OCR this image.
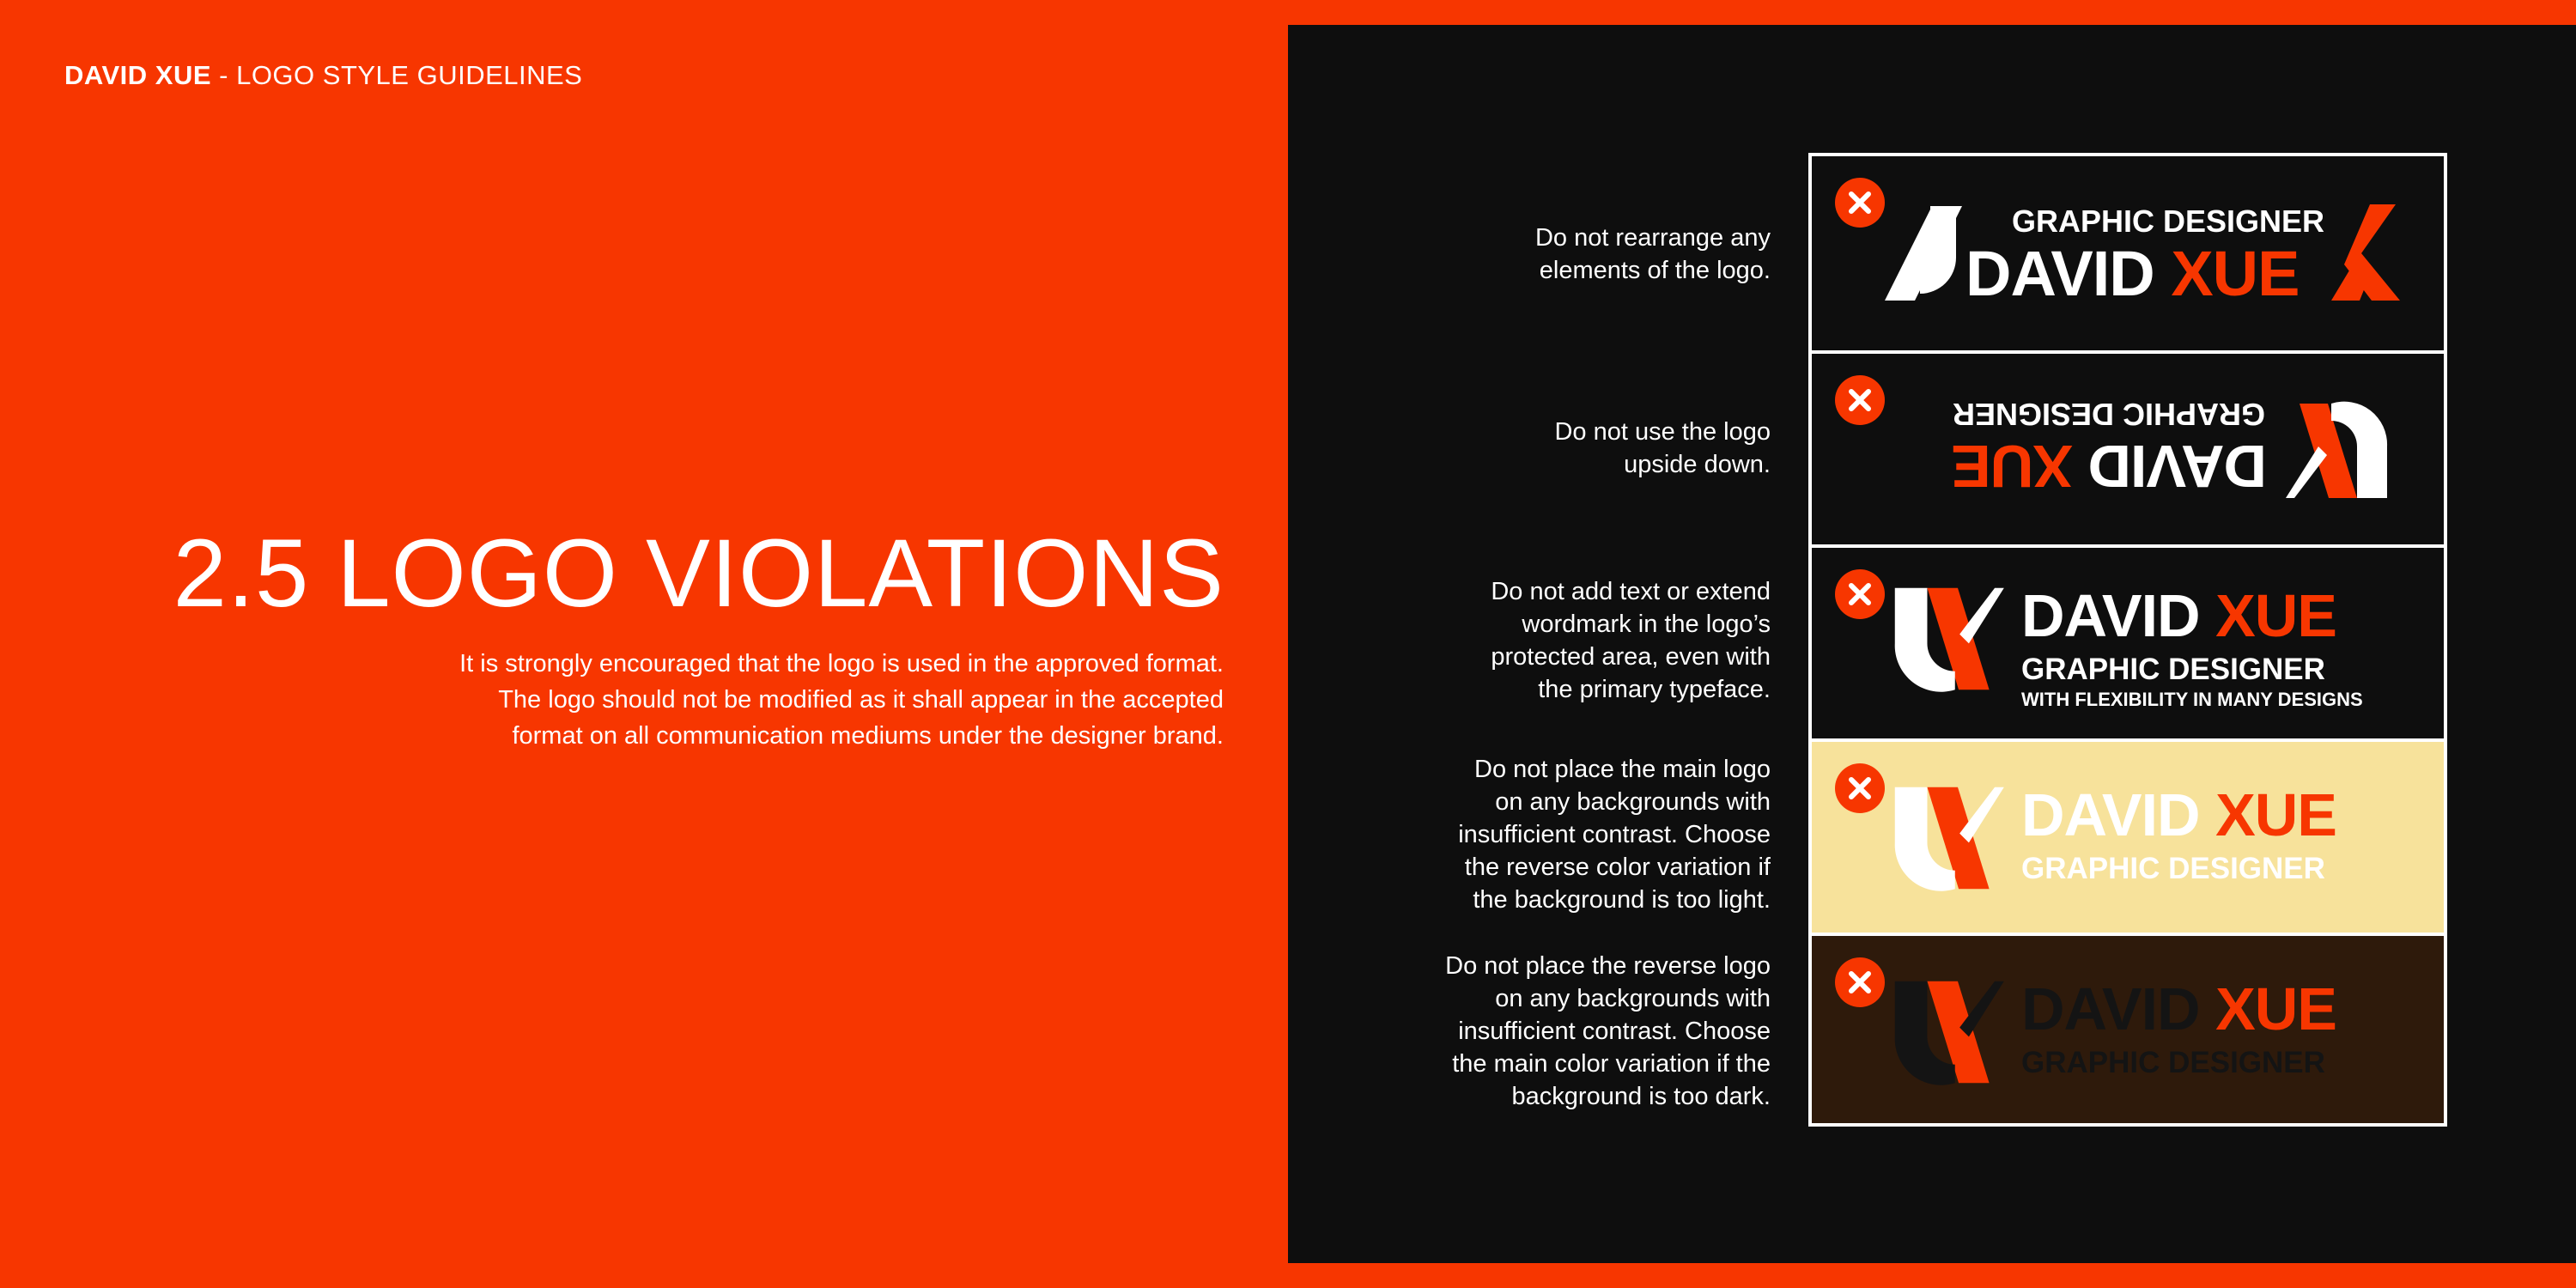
DAVID XUE - LOGO STYLE GUIDELINES
2.5 LOGO VIOLATIONS
It is strongly encouraged that the logo is used in the approved format.
The logo should not be modified as it shall appear in the accepted
format on all communication mediums under the designer brand.
Do not rearrange any
elements of the logo.
Do not use the logo
upside down.
Do not add text or extend
wordmark in the logo’s
protected area, even with
the primary typeface.
Do not place the main logo
on any backgrounds with
insufficient contrast. Choose
the reverse color variation if
the background is too light.
Do not place the reverse logo
on any backgrounds with
insufficient contrast. Choose
the main color variation if the
background is too dark.
GRAPHIC DESIGNER
DAVID XUE
DAVID XUE
GRAPHIC DESIGNER
DAVID XUE
GRAPHIC DESIGNER
WITH FLEXIBILITY IN MANY DESIGNS
DAVID XUE
GRAPHIC DESIGNER
DAVID XUE
GRAPHIC DESIGNER
